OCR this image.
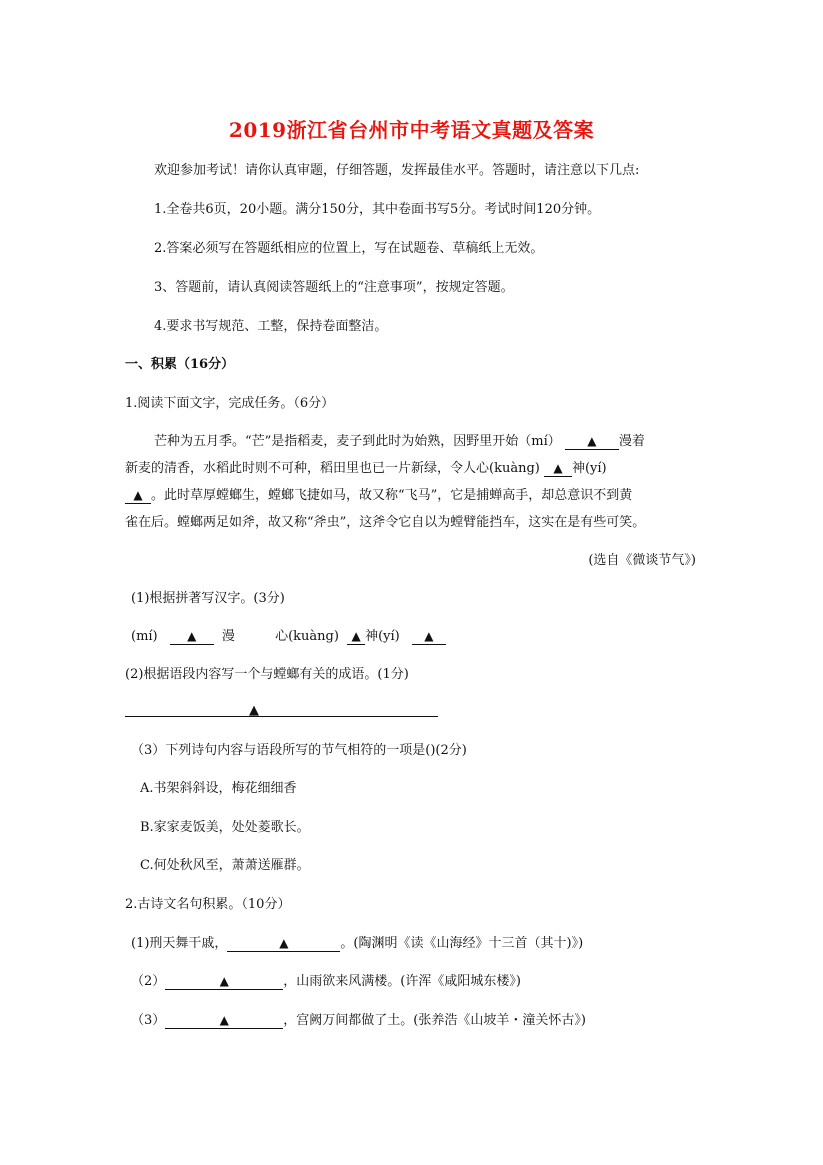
2019浙江省台州市中考语文真题及答案
欢迎参加考试！请你认真审题，仔细答题，发挥最佳水平。答题时，请注意以下几点:
1.全卷共6页，20小题。满分150分，其中卷面书写5分。考试时间120分钟。
2.答案必须写在答题纸相应的位置上，写在试题卷、草稿纸上无效。
3、答题前，请认真阅读答题纸上的“注意事项”，按规定答题。
4.要求书写规范、工整，保持卷面整洁。
一、积累（16分）
1.阅读下面文字，完成任务。（6分）
芒种为五月季。“芒”是指稻麦，麦子到此时为始熟，因野里开始（mí） ▲ 漫着
新麦的清香，水稻此时则不可种，稻田里也已一片新绿，令人心(kuàng) ▲ 神(yí)
▲ 。此时草厚螳螂生，螳螂飞捷如马，故又称“飞马”，它是捕蝉高手，却总意识不到黄
雀在后。螳螂两足如斧，故又称“斧虫”，这斧令它自以为螳臂能挡车，这实在是有些可笑。
(选自《微谈节气》)
(1)根据拼著写汉字。(3分)
(mí) ▲ 漫	心(kuàng) ▲ 神(yí) ▲
(2)根据语段内容写一个与螳螂有关的成语。(1分)
▲
（3）下列诗句内容与语段所写的节气相符的一项是()(2分)
A.书架斜斜设，梅花细细香
B.家家麦饭美，处处菱歌长。
C.何处秋风至，萧萧送雁群。
2.古诗文名句积累。（10分）
(1)刑天舞干戚，	▲	。(陶渊明《读《山海经》十三首（其十)》)
（2）	▲	，山雨欲来风满楼。(许浑《咸阳城东楼》)
（3）	▲	，宫阙万间都做了土。(张养浩《山坡羊・潼关怀古》)
